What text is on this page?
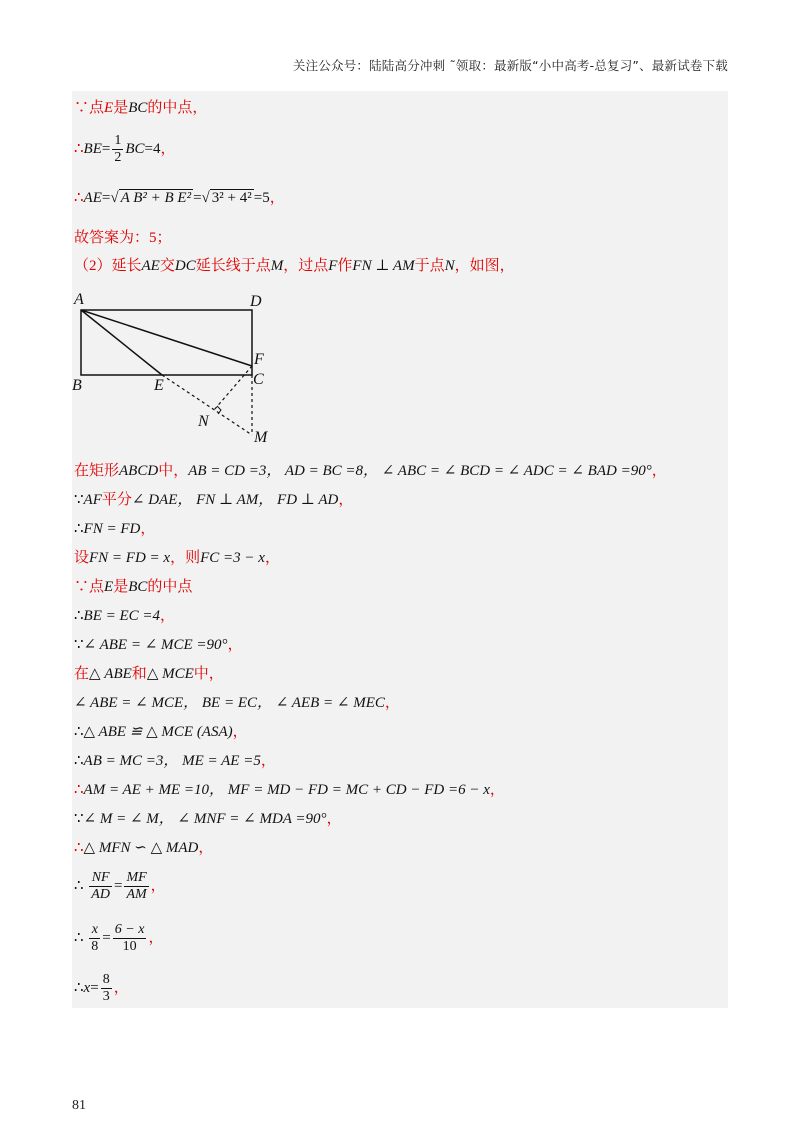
关注公众号：陆陆高分冲刺 ˜领取：最新版“小中高考-总复习”、最新试卷下载
∵点E是BC的中点，
∴BE= $\frac{1}{2} BC=4$，
∴AE=√ A B² + B E² =√ 3² + 4² =5，
故答案为：5；
（2）延长AE交DC延长线于点M，过点F作FN ⊥ AM于点N，如图，
A	D
F
C
B	E
N
M
在矩形ABCD中，AB = CD =3， AD = BC =8， ∠ ABC = ∠ BCD = ∠ ADC = ∠ BAD =90°，
∵AF平分∠ DAE， FN ⊥ AM， FD ⊥ AD，
∴FN = FD，
设FN = FD = x，则FC =3 − x，
∵点E是BC的中点
∴BE = EC =4，
∵∠ ABE = ∠ MCE =90°，
在△ ABE和△ MCE中，
∠ ABE = ∠ MCE， BE = EC， ∠ AEB = ∠ MEC，
∴△ ABE ≌ △ MCE (ASA)，
∴AB = MC =3， ME = AE =5，
∴AM = AE + ME =10， MF = MD − FD = MC + CD − FD =6 − x，
∵∠ M = ∠ M， ∠ MNF = ∠ MDA =90°，
∴△ MFN ∽ △ MAD，
∴ $\frac{NF}{AD} = \frac{MF}{AM}$ ，
∴ $\frac{x}{8} = \frac{6 - x}{10}$ ，
∴x= $\frac{8}{3}$ ，
81
